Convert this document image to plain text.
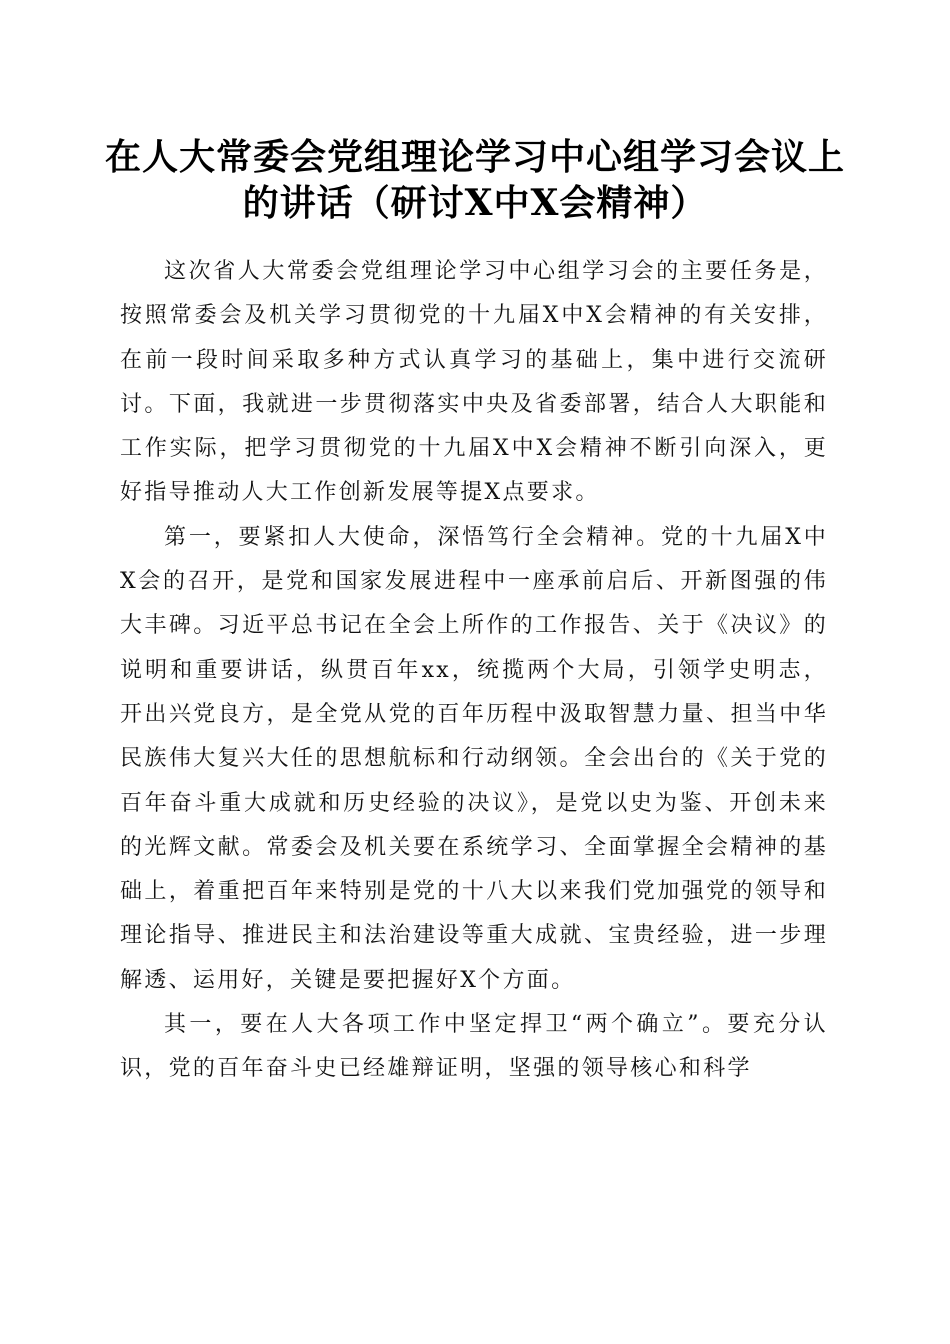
在人大常委会党组理论学习中心组学习会议上
的讲话（研讨X中X会精神）

这次省人大常委会党组理论学习中心组学习会的主要任务是，按照常委会及机关学习贯彻党的十九届X中X会精神的有关安排，在前一段时间采取多种方式认真学习的基础上，集中进行交流研讨。下面，我就进一步贯彻落实中央及省委部署，结合人大职能和工作实际，把学习贯彻党的十九届X中X会精神不断引向深入，更好指导推动人大工作创新发展等提X点要求。

第一，要紧扣人大使命，深悟笃行全会精神。党的十九届X中X会的召开，是党和国家发展进程中一座承前启后、开新图强的伟大丰碑。习近平总书记在全会上所作的工作报告、关于《决议》的说明和重要讲话，纵贯百年xx，统揽两个大局，引领学史明志，开出兴党良方，是全党从党的百年历程中汲取智慧力量、担当中华民族伟大复兴大任的思想航标和行动纲领。全会出台的《关于党的百年奋斗重大成就和历史经验的决议》，是党以史为鉴、开创未来的光辉文献。常委会及机关要在系统学习、全面掌握全会精神的基础上，着重把百年来特别是党的十八大以来我们党加强党的领导和理论指导、推进民主和法治建设等重大成就、宝贵经验，进一步理解透、运用好，关键是要把握好X个方面。

其一，要在人大各项工作中坚定捍卫“两个确立”。要充分认识，党的百年奋斗史已经雄辩证明，坚强的领导核心和科学
